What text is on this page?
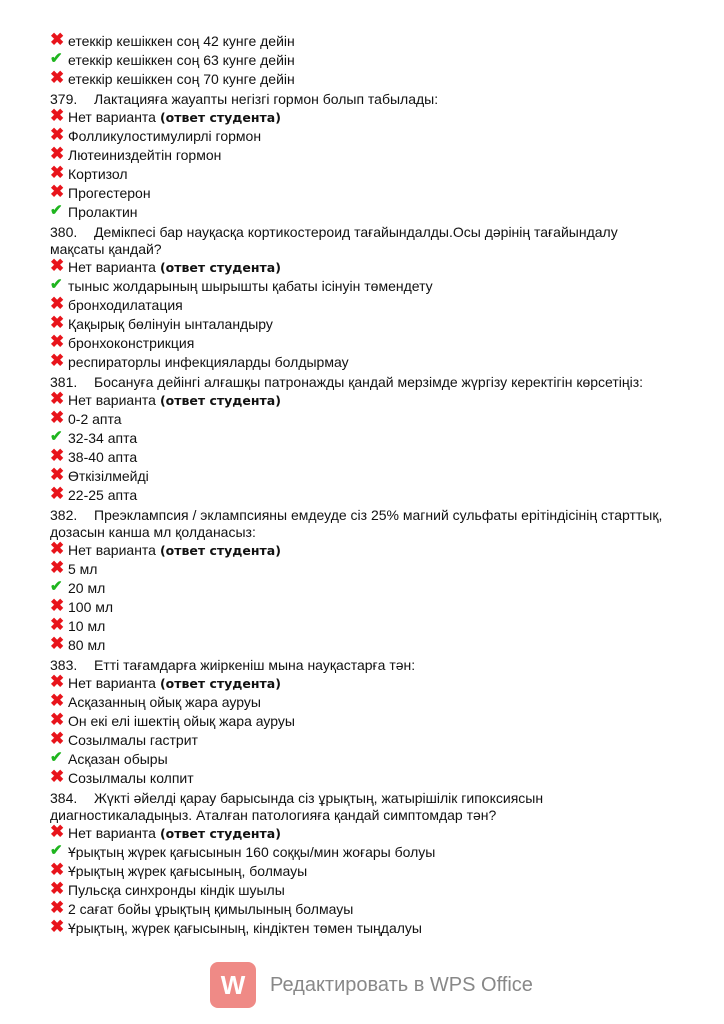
✖ етеккір кешіккен соң 42 кунге дейін
✔ етеккір кешіккен соң 63 кунге дейін
✖ етеккір кешіккен соң 70 кунге дейін
379. Лактацияға жауапты негізгі гормон болып табылады:
✖ Нет варианта (ответ студента)
✖ Фолликулостимулирлі гормон
✖ Лютеиниздейтін гормон
✖ Кортизол
✖ Прогестерон
✔ Пролактин
380. Демікпесі бар науқасқа кортикостероид тағайындалды.Осы дәрінің тағайындалу мақсаты қандай?
✖ Нет варианта (ответ студента)
✔ тыныс жолдарының шырышты қабаты ісінуін төмендету
✖ бронходилатация
✖ Қақырық бөлінуін ынталандыру
✖ бронхоконстрикция
✖ респираторлы инфекцияларды болдырмау
381. Босануға дейінгі алғашқы патронажды қандай мерзімде жүргізу керектігін көрсетіңіз:
✖ Нет варианта (ответ студента)
✖ 0-2 апта
✔ 32-34 апта
✖ 38-40 апта
✖ Өткізілмейді
✖ 22-25 апта
382. Преэклампсия / эклампсияны емдеуде сіз 25% магний сульфаты ерітіндісінің старттық, дозасын канша мл қолданасыз:
✖ Нет варианта (ответ студента)
✖ 5 мл
✔ 20 мл
✖ 100 мл
✖ 10 мл
✖ 80 мл
383. Етті тағамдарға жиіркеніш мына науқастарға тән:
✖ Нет варианта (ответ студента)
✖ Асқазанның ойық жара ауруы
✖ Он екі елі ішектің ойық жара ауруы
✖ Созылмалы гастрит
✔ Асқазан обыры
✖ Созылмалы колпит
384. Жүкті әйелді қарау барысында сіз ұрықтың, жатырішілік гипоксиясын диагностикаладыңыз. Аталған патологияға қандай симптомдар тән?
✖ Нет варианта (ответ студента)
✔ Ұрықтың жүрек қағысынын 160 соққы/мин жоғары болуы
✖ Ұрықтың жүрек қағысының, болмауы
✖ Пульсқа синхронды кіндік шуылы
✖ 2 сағат бойы ұрықтың қимылының болмауы
✖ Ұрықтың, жүрек қағысының, кіндіктен төмен тыңдалуы
W	Редактировать в WPS Office
